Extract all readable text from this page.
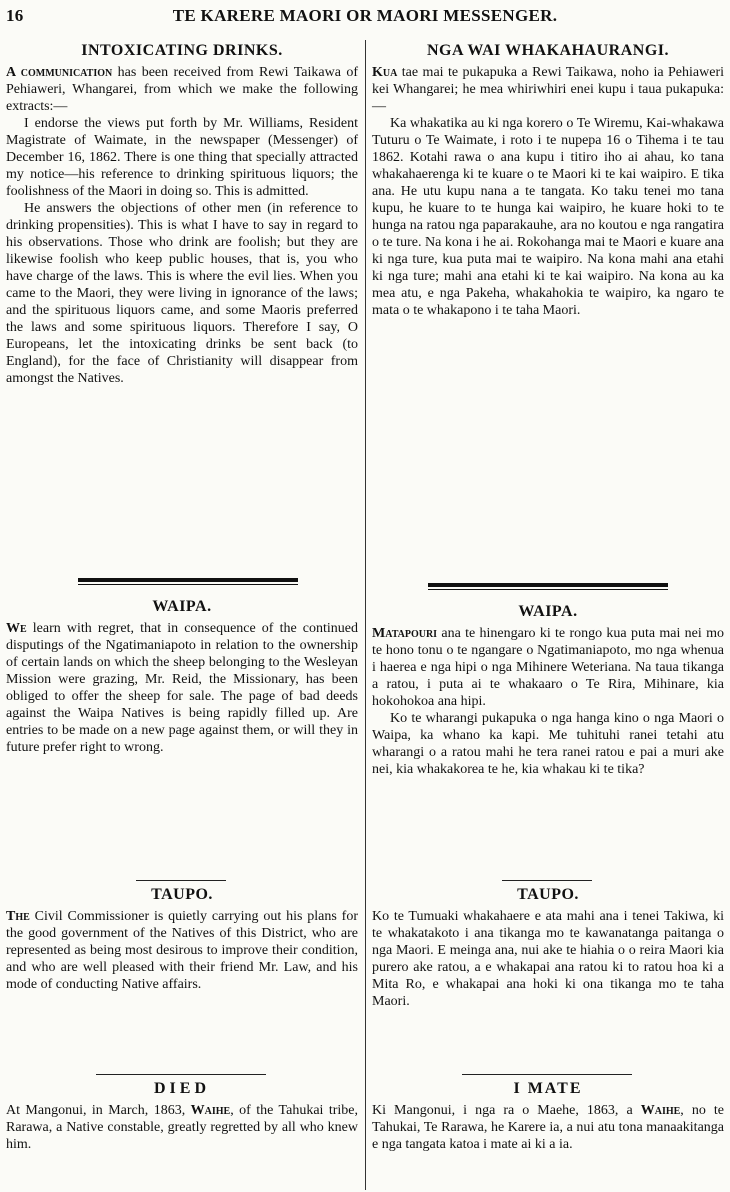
16	TE KARERE MAORI OR MAORI MESSENGER.
INTOXICATING DRINKS.

A communication has been received from Rewi Taikawa of Pehiaweri, Whangarei, from which we make the following extracts:—

I endorse the views put forth by Mr. Williams, Resident Magistrate of Waimate, in the newspaper (Messenger) of December 16, 1862. There is one thing that specially attracted my notice—his reference to drinking spirituous liquors; the foolishness of the Maori in doing so. This is admitted.

He answers the objections of other men (in reference to drinking propensities). This is what I have to say in regard to his observations. Those who drink are foolish; but they are likewise foolish who keep public houses, that is, you who have charge of the laws. This is where the evil lies. When you came to the Maori, they were living in ignorance of the laws; and the spirituous liquors came, and some Maoris preferred the laws and some spirituous liquors. Therefore I say, O Europeans, let the intoxicating drinks be sent back (to England), for the face of Christianity will disappear from amongst the Natives.

WAIPA.

We learn with regret, that in consequence of the continued disputings of the Ngatimaniapoto in relation to the ownership of certain lands on which the sheep belonging to the Wesleyan Mission were grazing, Mr. Reid, the Missionary, has been obliged to offer the sheep for sale. The page of bad deeds against the Waipa Natives is being rapidly filled up. Are entries to be made on a new page against them, or will they in future prefer right to wrong.

TAUPO.

The Civil Commissioner is quietly carrying out his plans for the good government of the Natives of this District, who are represented as being most desirous to improve their condition, and who are well pleased with their friend Mr. Law, and his mode of conducting Native affairs.

DIED

At Mangonui, in March, 1863, Waihe, of the Tahukai tribe, Rarawa, a Native constable, greatly regretted by all who knew him.

NGA WAI WHAKAHAURANGI.

Kua tae mai te pukapuka a Rewi Taikawa, noho ia Pehiaweri kei Whangarei; he mea whiriwhiri enei kupu i taua pukapuka:—

Ka whakatika au ki nga korero o Te Wiremu, Kai-whakawa Tuturu o Te Waimate, i roto i te nupepa 16 o Tihema i te tau 1862. Kotahi rawa o ana kupu i titiro iho ai ahau, ko tana whakahaerenga ki te kuare o te Maori ki te kai waipiro. E tika ana. He utu kupu nana a te tangata. Ko taku tenei mo tana kupu, he kuare to te hunga kai waipiro, he kuare hoki to te hunga na ratou nga paparakauhe, ara no koutou e nga rangatira o te ture. Na kona i he ai. Rokohanga mai te Maori e kuare ana ki nga ture, kua puta mai te waipiro. Na kona mahi ana etahi ki nga ture; mahi ana etahi ki te kai waipiro. Na kona au ka mea atu, e nga Pakeha, whakahokia te waipiro, ka ngaro te mata o te whakapono i te taha Maori.

WAIPA.

Matapouri ana te hinengaro ki te rongo kua puta mai nei mo te hono tonu o te ngangare o Ngatimaniapoto, mo nga whenua i haerea e nga hipi o nga Mihinere Weteriana. Na taua tikanga a ratou, i puta ai te whakaaro o Te Rira, Mihinare, kia hokohokoa ana hipi.

Ko te wharangi pukapuka o nga hanga kino o nga Maori o Waipa, ka whano ka kapi. Me tuhituhi ranei tetahi atu wharangi o a ratou mahi he tera ranei ratou e pai a muri ake nei, kia whakakorea te he, kia whakau ki te tika?

TAUPO.

Ko te Tumuaki whakahaere e ata mahi ana i tenei Takiwa, ki te whakatakoto i ana tikanga mo te kawanatanga paitanga o nga Maori. E meinga ana, nui ake te hiahia o o reira Maori kia purero ake ratou, a e whakapai ana ratou ki to ratou hoa ki a Mita Ro, e whakapai ana hoki ki ona tikanga mo te taha Maori.

I MATE

Ki Mangonui, i nga ra o Maehe, 1863, a Waihe, no te Tahukai, Te Rarawa, he Karere ia, a nui atu tona manaakitanga e nga tangata katoa i mate ai ki a ia.
